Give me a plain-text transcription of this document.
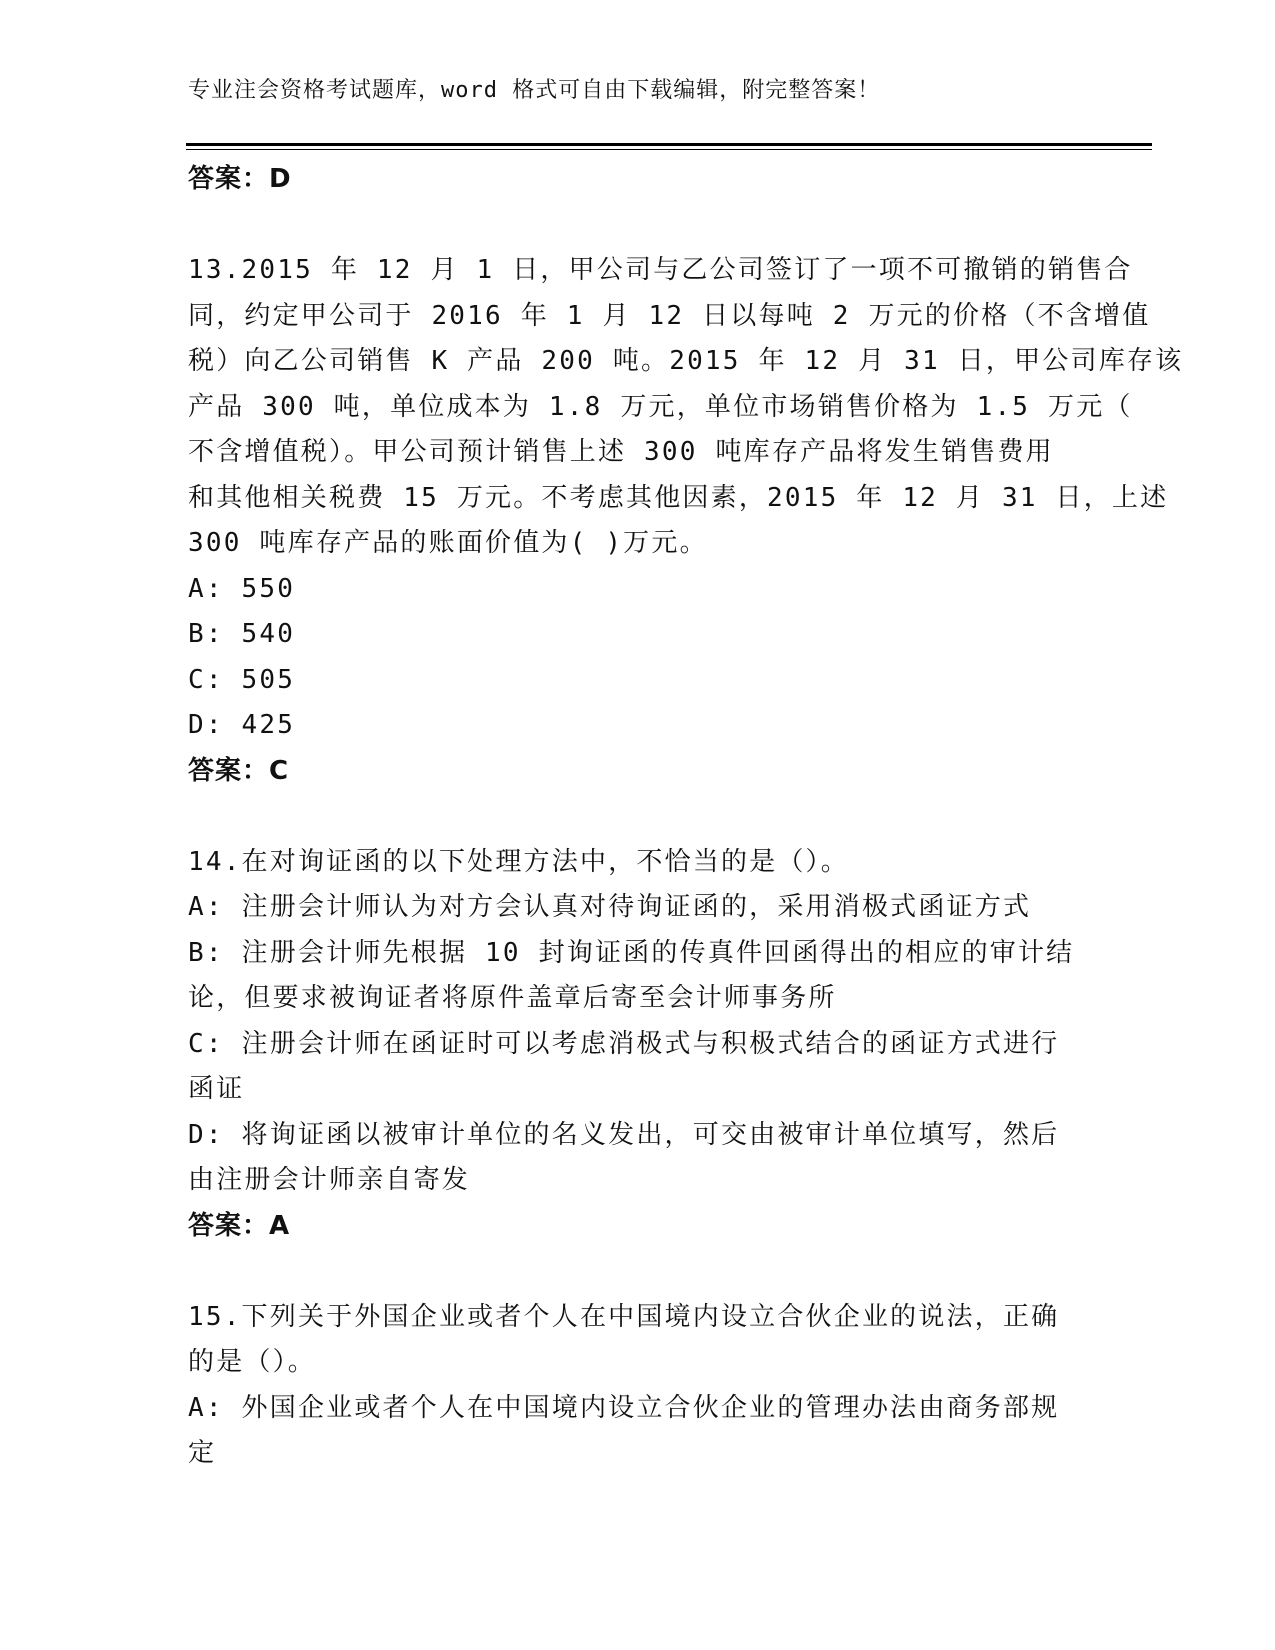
专业注会资格考试题库，word 格式可自由下载编辑，附完整答案！
答案：D
13.2015 年 12 月 1 日，甲公司与乙公司签订了一项不可撤销的销售合
同，约定甲公司于 2016 年 1 月 12 日以每吨 2 万元的价格（不含增值
税）向乙公司销售 K 产品 200 吨。2015 年 12 月 31 日，甲公司库存该
产品 300 吨，单位成本为 1.8 万元，单位市场销售价格为 1.5 万元（
不含增值税）。甲公司预计销售上述 300 吨库存产品将发生销售费用
和其他相关税费 15 万元。不考虑其他因素，2015 年 12 月 31 日，上述
300 吨库存产品的账面价值为( )万元。
A: 550
B: 540
C: 505
D: 425
答案：C
14.在对询证函的以下处理方法中，不恰当的是（）。
A: 注册会计师认为对方会认真对待询证函的，采用消极式函证方式
B: 注册会计师先根据 10 封询证函的传真件回函得出的相应的审计结
论，但要求被询证者将原件盖章后寄至会计师事务所
C: 注册会计师在函证时可以考虑消极式与积极式结合的函证方式进行
函证
D: 将询证函以被审计单位的名义发出，可交由被审计单位填写，然后
由注册会计师亲自寄发
答案：A
15.下列关于外国企业或者个人在中国境内设立合伙企业的说法，正确
的是（）。
A: 外国企业或者个人在中国境内设立合伙企业的管理办法由商务部规
定
